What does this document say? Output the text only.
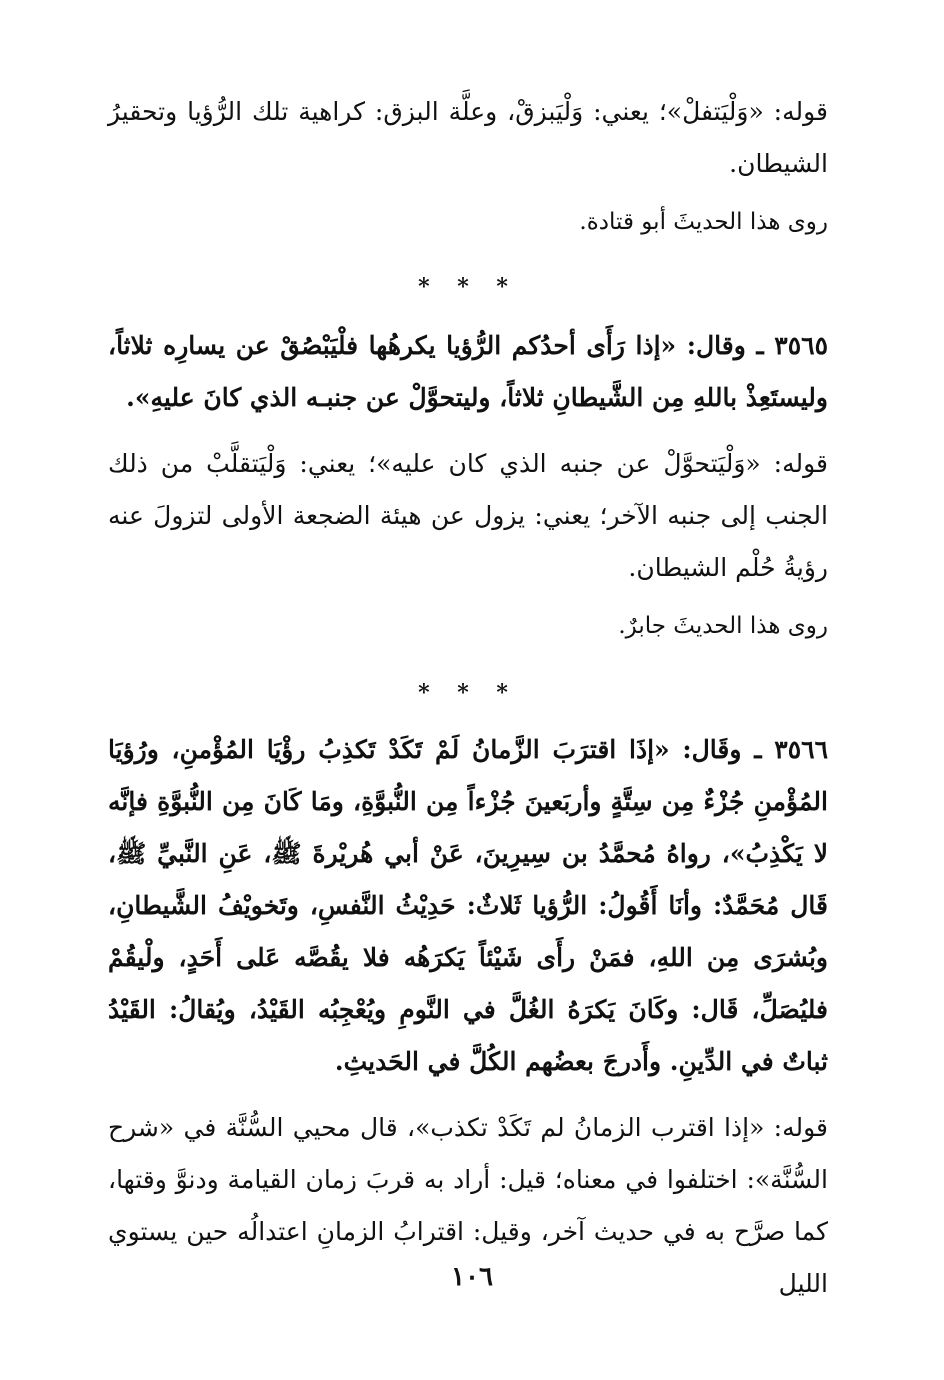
قوله: «وَلْيَتفلْ»؛ يعني: وَلْيَبزقْ، وعلَّة البزق: كراهية تلك الرُّؤيا وتحقيرُ الشيطان.

روى هذا الحديثَ أبو قتادة.

* * *

٣٥٦٥ ـ وقال: «إذا رَأَى أحدُكم الرُّؤيا يكرهُها فلْيَبْصُقْ عن يسارِه ثلاثاً، وليستَعِذْ باللهِ مِن الشَّيطانِ ثلاثاً، وليتحوَّلْ عن جنبـه الذي كانَ عليهِ».

قوله: «وَلْيَتحوَّلْ عن جنبه الذي كان عليه»؛ يعني: وَلْيَتقلَّبْ من ذلك الجنب إلى جنبه الآخر؛ يعني: يزول عن هيئة الضجعة الأولى لتزولَ عنه رؤيةُ حُلْم الشيطان.

روى هذا الحديثَ جابرٌ.

* * *

٣٥٦٦ ـ وقَال: «إذَا اقترَبَ الزَّمانُ لَمْ تَكَدْ تَكذِبُ رؤْيَا المُؤْمنِ، ورُؤيَا المُؤْمنِ جُزْءٌ مِن سِتَّةٍ وأربَعينَ جُزْءاً مِن النُّبوَّةِ، ومَا كَانَ مِن النُّبوَّةِ فإنَّه لا يَكْذِبُ»، رواهُ مُحمَّدُ بن سِيرِينَ، عَنْ أبي هُريْرةَ ﷺ، عَنِ النَّبيِّ ﷺ، قَال مُحَمَّدٌ: وأنَا أَقُولُ: الرُّؤيا ثَلاثٌ: حَدِيْثُ النَّفسِ، وتَخويْفُ الشَّيطانِ، وبُشرَى مِن اللهِ، فمَنْ رأَى شَيْئاً يَكرَهُه فلا يقُصَّه عَلى أَحَدٍ، ولْيقُمْ فليُصَلِّ، قَال: وكَانَ يَكرَهُ الغُلَّ في النَّومِ ويُعْجِبُه القَيْدُ، ويُقالُ: القَيْدُ ثباتٌ في الدِّينِ. وأَدرجَ بعضُهم الكُلَّ في الحَديثِ.

قوله: «إذا اقترب الزمانُ لم تَكَدْ تكذب»، قال محيي السُّنَّة في «شرح السُّنَّة»: اختلفوا في معناه؛ قيل: أراد به قربَ زمان القيامة ودنوَّ وقتها، كما صرَّح به في حديث آخر، وقيل: اقترابُ الزمانِ اعتدالُه حين يستوي الليل

١٠٦
